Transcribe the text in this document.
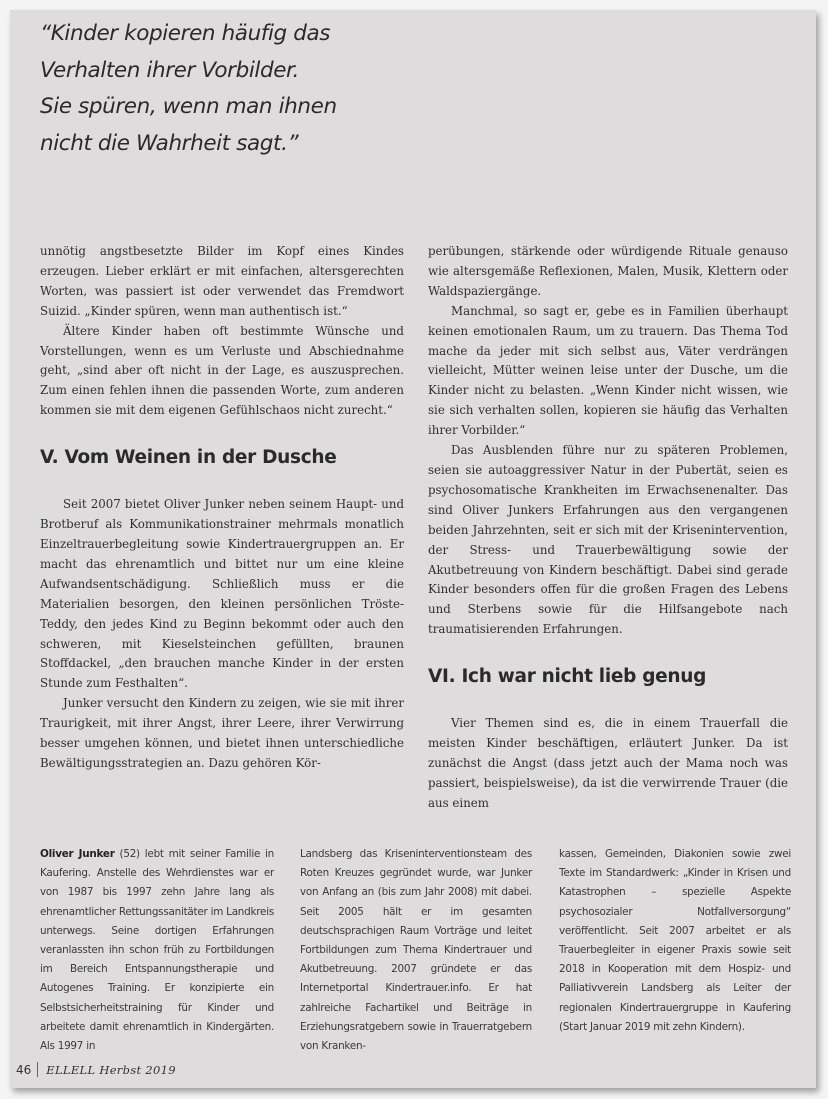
“Kinder kopieren häufig das
Verhalten ihrer Vorbilder.
Sie spüren, wenn man ihnen
nicht die Wahrheit sagt.”

unnötig angstbesetzte Bilder im Kopf eines Kindes erzeugen. Lieber erklärt er mit einfachen, altersgerechten Worten, was passiert ist oder verwendet das Fremdwort Suizid. „Kinder spüren, wenn man authentisch ist.“

Ältere Kinder haben oft bestimmte Wünsche und Vorstellungen, wenn es um Verluste und Abschiednahme geht, „sind aber oft nicht in der Lage, es auszusprechen. Zum einen fehlen ihnen die passenden Worte, zum anderen kommen sie mit dem eigenen Gefühlschaos nicht zurecht.“

V. Vom Weinen in der Dusche

Seit 2007 bietet Oliver Junker neben seinem Haupt- und Brotberuf als Kommunikationstrainer mehrmals monatlich Einzeltrauerbegleitung sowie Kindertrauergruppen an. Er macht das ehrenamtlich und bittet nur um eine kleine Aufwandsentschädigung. Schließlich muss er die Materialien besorgen, den kleinen persönlichen Tröste-Teddy, den jedes Kind zu Beginn bekommt oder auch den schweren, mit Kieselsteinchen gefüllten, braunen Stoffdackel, „den brauchen manche Kinder in der ersten Stunde zum Festhalten“.

Junker versucht den Kindern zu zeigen, wie sie mit ihrer Traurigkeit, mit ihrer Angst, ihrer Leere, ihrer Verwirrung besser umgehen können, und bietet ihnen unterschiedliche Bewältigungsstrategien an. Dazu gehören Kör-

perübungen, stärkende oder würdigende Rituale genauso wie altersgemäße Reflexionen, Malen, Musik, Klettern oder Waldspaziergänge.

Manchmal, so sagt er, gebe es in Familien überhaupt keinen emotionalen Raum, um zu trauern. Das Thema Tod mache da jeder mit sich selbst aus, Väter verdrängen vielleicht, Mütter weinen leise unter der Dusche, um die Kinder nicht zu belasten. „Wenn Kinder nicht wissen, wie sie sich verhalten sollen, kopieren sie häufig das Verhalten ihrer Vorbilder.“

Das Ausblenden führe nur zu späteren Problemen, seien sie autoaggressiver Natur in der Pubertät, seien es psychosomatische Krankheiten im Erwachsenenalter. Das sind Oliver Junkers Erfahrungen aus den vergangenen beiden Jahrzehnten, seit er sich mit der Krisenintervention, der Stress- und Trauerbewältigung sowie der Akutbetreuung von Kindern beschäftigt. Dabei sind gerade Kinder besonders offen für die großen Fragen des Lebens und Sterbens sowie für die Hilfsangebote nach traumatisierenden Erfahrungen.

VI. Ich war nicht lieb genug

Vier Themen sind es, die in einem Trauerfall die meisten Kinder beschäftigen, erläutert Junker. Da ist zunächst die Angst (dass jetzt auch der Mama noch was passiert, beispielsweise), da ist die verwirrende Trauer (die aus einem

Oliver Junker (52) lebt mit seiner Familie in Kaufering. Anstelle des Wehrdienstes war er von 1987 bis 1997 zehn Jahre lang als ehrenamtlicher Rettungssanitäter im Landkreis unterwegs. Seine dortigen Erfahrungen veranlassten ihn schon früh zu Fortbildungen im Bereich Entspannungstherapie und Autogenes Training. Er konzipierte ein Selbstsicherheitstraining für Kinder und arbeitete damit ehrenamtlich in Kindergärten. Als 1997 in

Landsberg das Kriseninterventionsteam des Roten Kreuzes gegründet wurde, war Junker von Anfang an (bis zum Jahr 2008) mit dabei. Seit 2005 hält er im gesamten deutschsprachigen Raum Vorträge und leitet Fortbildungen zum Thema Kindertrauer und Akutbetreuung. 2007 gründete er das Internetportal Kindertrauer.info. Er hat zahlreiche Fachartikel und Beiträge in Erziehungsratgebern sowie in Trauerratgebern von Kranken-

kassen, Gemeinden, Diakonien sowie zwei Texte im Standardwerk: „Kinder in Krisen und Katastrophen – spezielle Aspekte psychosozialer Notfallversorgung“ veröffentlicht. Seit 2007 arbeitet er als Trauerbegleiter in eigener Praxis sowie seit 2018 in Kooperation mit dem Hospiz- und Palliativverein Landsberg als Leiter der regionalen Kindertrauergruppe in Kaufering (Start Januar 2019 mit zehn Kindern).

46 ELLELL Herbst 2019
